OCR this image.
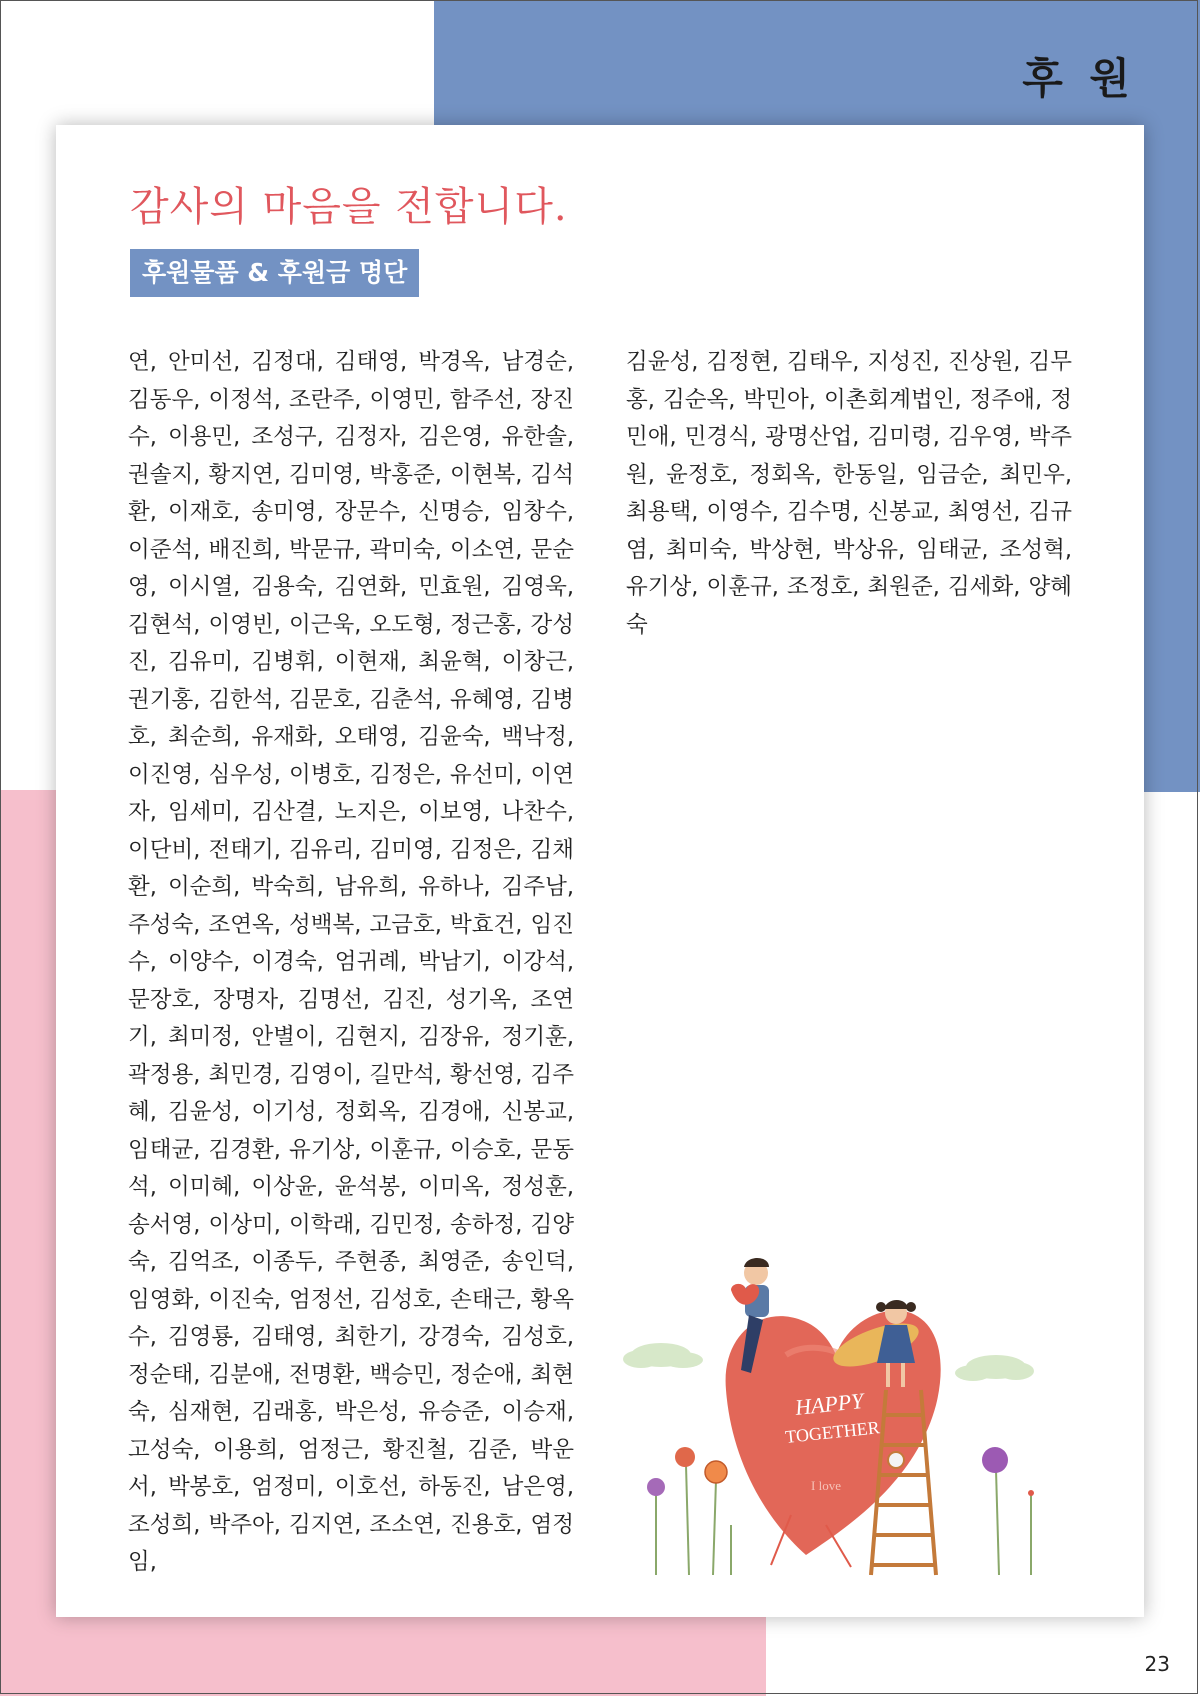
후 원
감사의 마음을 전합니다.
후원물품 & 후원금 명단

연, 안미선, 김정대, 김태영, 박경옥, 남경순, 김동우, 이정석, 조란주, 이영민, 함주선, 장진수, 이용민, 조성구, 김정자, 김은영, 유한솔, 권솔지, 황지연, 김미영, 박홍준, 이현복, 김석환, 이재호, 송미영, 장문수, 신명승, 임창수, 이준석, 배진희, 박문규, 곽미숙, 이소연, 문순영, 이시열, 김용숙, 김연화, 민효원, 김영욱, 김현석, 이영빈, 이근욱, 오도형, 정근홍, 강성진, 김유미, 김병휘, 이현재, 최윤혁, 이창근, 권기홍, 김한석, 김문호, 김춘석, 유혜영, 김병호, 최순희, 유재화, 오태영, 김윤숙, 백낙정, 이진영, 심우성, 이병호, 김정은, 유선미, 이연자, 임세미, 김산결, 노지은, 이보영, 나찬수, 이단비, 전태기, 김유리, 김미영, 김정은, 김채환, 이순희, 박숙희, 남유희, 유하나, 김주남, 주성숙, 조연옥, 성백복, 고금호, 박효건, 임진수, 이양수, 이경숙, 엄귀례, 박남기, 이강석, 문장호, 장명자, 김명선, 김진, 성기옥, 조연기, 최미정, 안별이, 김현지, 김장유, 정기훈, 곽정용, 최민경, 김영이, 길만석, 황선영, 김주혜, 김윤성, 이기성, 정회옥, 김경애, 신봉교, 임태균, 김경환, 유기상, 이훈규, 이승호, 문동석, 이미혜, 이상윤, 윤석봉, 이미옥, 정성훈, 송서영, 이상미, 이학래, 김민정, 송하정, 김양숙, 김억조, 이종두, 주현종, 최영준, 송인덕, 임영화, 이진숙, 엄정선, 김성호, 손태근, 황옥수, 김영룡, 김태영, 최한기, 강경숙, 김성호, 정순태, 김분애, 전명환, 백승민, 정순애, 최현숙, 심재현, 김래홍, 박은성, 유승준, 이승재, 고성숙, 이용희, 엄정근, 황진철, 김준, 박운서, 박봉호, 엄정미, 이호선, 하동진, 남은영, 조성희, 박주아, 김지연, 조소연, 진용호, 염정임,

김윤성, 김정현, 김태우, 지성진, 진상원, 김무홍, 김순옥, 박민아, 이촌회계법인, 정주애, 정민애, 민경식, 광명산업, 김미령, 김우영, 박주원, 윤정호, 정회옥, 한동일, 임금순, 최민우, 최용택, 이영수, 김수명, 신봉교, 최영선, 김규염, 최미숙, 박상현, 박상유, 임태균, 조성혁, 유기상, 이훈규, 조정호, 최원준, 김세화, 양혜숙

HAPPY
TOGETHER
I love

23
